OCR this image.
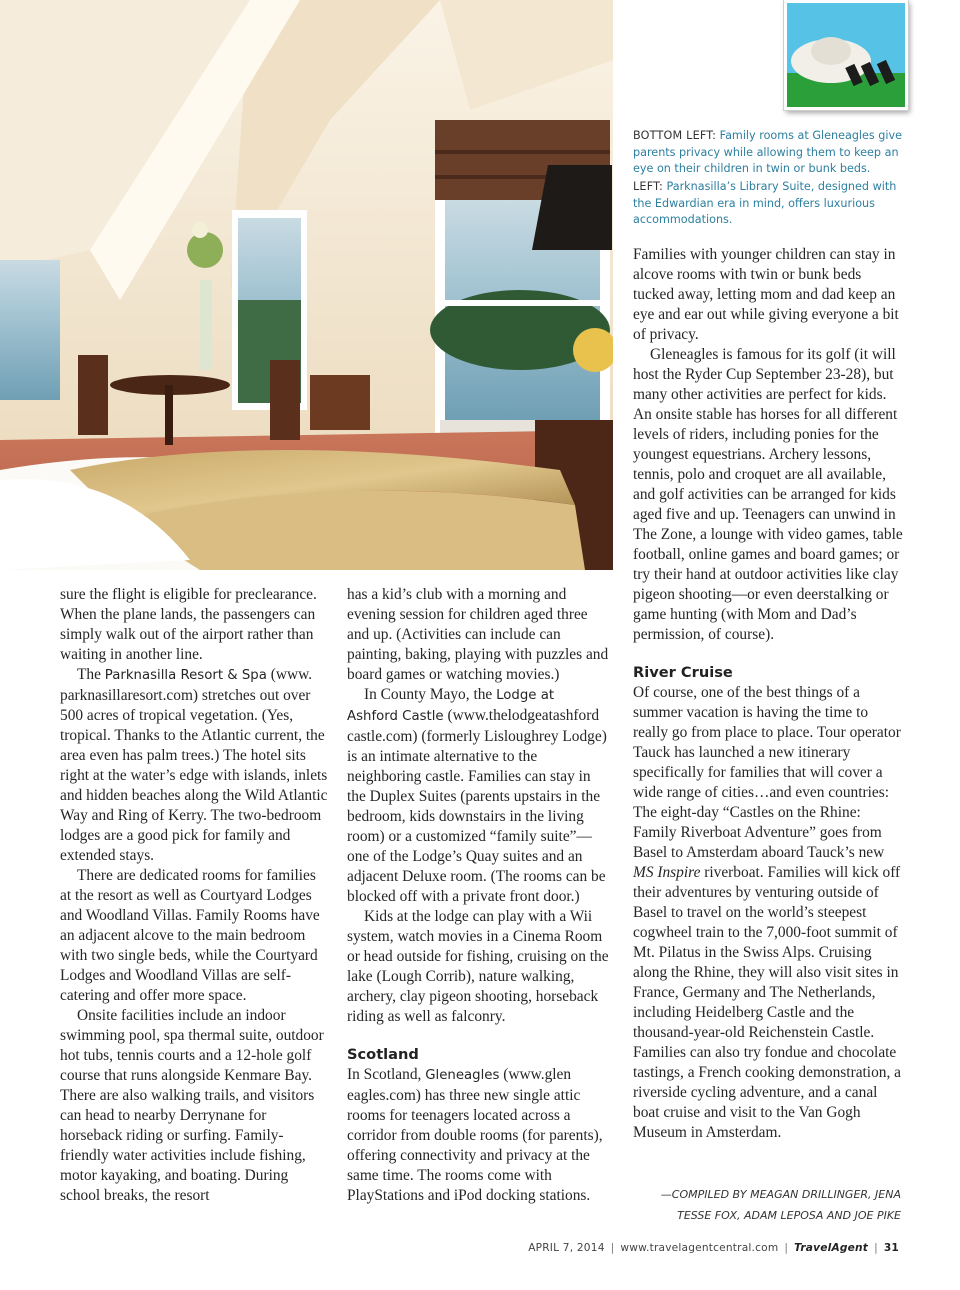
BOTTOM LEFT: Family rooms at Gleneagles give parents privacy while allowing them to keep an eye on their children in twin or bunk beds.
LEFT: Parknasilla’s Library Suite, designed with the Edwardian era in mind, offers luxurious accommodations.

sure the flight is eligible for preclearance. When the plane lands, the passengers can simply walk out of the airport rather than waiting in another line.

The Parknasilla Resort & Spa (www. parknasillaresort.com) stretches out over 500 acres of tropical vegetation. (Yes, tropical. Thanks to the Atlantic current, the area even has palm trees.) The hotel sits right at the water’s edge with islands, inlets and hidden beaches along the Wild Atlantic Way and Ring of Kerry. The two-bedroom lodges are a good pick for family and extended stays.

There are dedicated rooms for families at the resort as well as Courtyard Lodges and Woodland Villas. Family Rooms have an adjacent alcove to the main bedroom with two single beds, while the Courtyard Lodges and Woodland Villas are self-catering and offer more space.

Onsite facilities include an indoor swimming pool, spa thermal suite, outdoor hot tubs, tennis courts and a 12-hole golf course that runs alongside Kenmare Bay. There are also walking trails, and visitors can head to nearby Derrynane for horseback riding or surfing. Family-friendly water activities include fishing, motor kayaking, and boating. During school breaks, the resort

has a kid’s club with a morning and evening session for children aged three and up. (Activities can include can painting, baking, playing with puzzles and board games or watching movies.)

In County Mayo, the Lodge at Ashford Castle (www.thelodgeatashford castle.com) (formerly Lisloughrey Lodge) is an intimate alternative to the neighboring castle. Families can stay in the Duplex Suites (parents upstairs in the bedroom, kids downstairs in the living room) or a customized “family suite”—one of the Lodge’s Quay suites and an adjacent Deluxe room. (The rooms can be blocked off with a private front door.)

Kids at the lodge can play with a Wii system, watch movies in a Cinema Room or head outside for fishing, cruising on the lake (Lough Corrib), nature walking, archery, clay pigeon shooting, horseback riding as well as falconry.

Scotland

In Scotland, Gleneagles (www.glen eagles.com) has three new single attic rooms for teenagers located across a corridor from double rooms (for parents), offering connectivity and privacy at the same time. The rooms come with PlayStations and iPod docking stations.

Families with younger children can stay in alcove rooms with twin or bunk beds tucked away, letting mom and dad keep an eye and ear out while giving everyone a bit of privacy.

Gleneagles is famous for its golf (it will host the Ryder Cup September 23-28), but many other activities are perfect for kids. An onsite stable has horses for all different levels of riders, including ponies for the youngest equestrians. Archery lessons, tennis, polo and croquet are all available, and golf activities can be arranged for kids aged five and up. Teenagers can unwind in The Zone, a lounge with video games, table football, online games and board games; or try their hand at outdoor activities like clay pigeon shooting—or even deerstalking or game hunting (with Mom and Dad’s permission, of course).

River Cruise

Of course, one of the best things of a summer vacation is having the time to really go from place to place. Tour operator Tauck has launched a new itinerary specifically for families that will cover a wide range of cities…and even countries: The eight-day “Castles on the Rhine: Family Riverboat Adventure” goes from Basel to Amsterdam aboard Tauck’s new MS Inspire riverboat. Families will kick off their adventures by venturing outside of Basel to travel on the world’s steepest cogwheel train to the 7,000-foot summit of Mt. Pilatus in the Swiss Alps. Cruising along the Rhine, they will also visit sites in France, Germany and The Netherlands, including Heidelberg Castle and the thousand-year-old Reichenstein Castle. Families can also try fondue and chocolate tastings, a French cooking demonstration, a riverside cycling adventure, and a canal boat cruise and visit to the Van Gogh Museum in Amsterdam.

—COMPILED BY MEAGAN DRILLINGER, JENA
TESSE FOX, ADAM LEPOSA AND JOE PIKE
APRIL 7, 2014 | www.travelagentcentral.com | TravelAgent | 31
